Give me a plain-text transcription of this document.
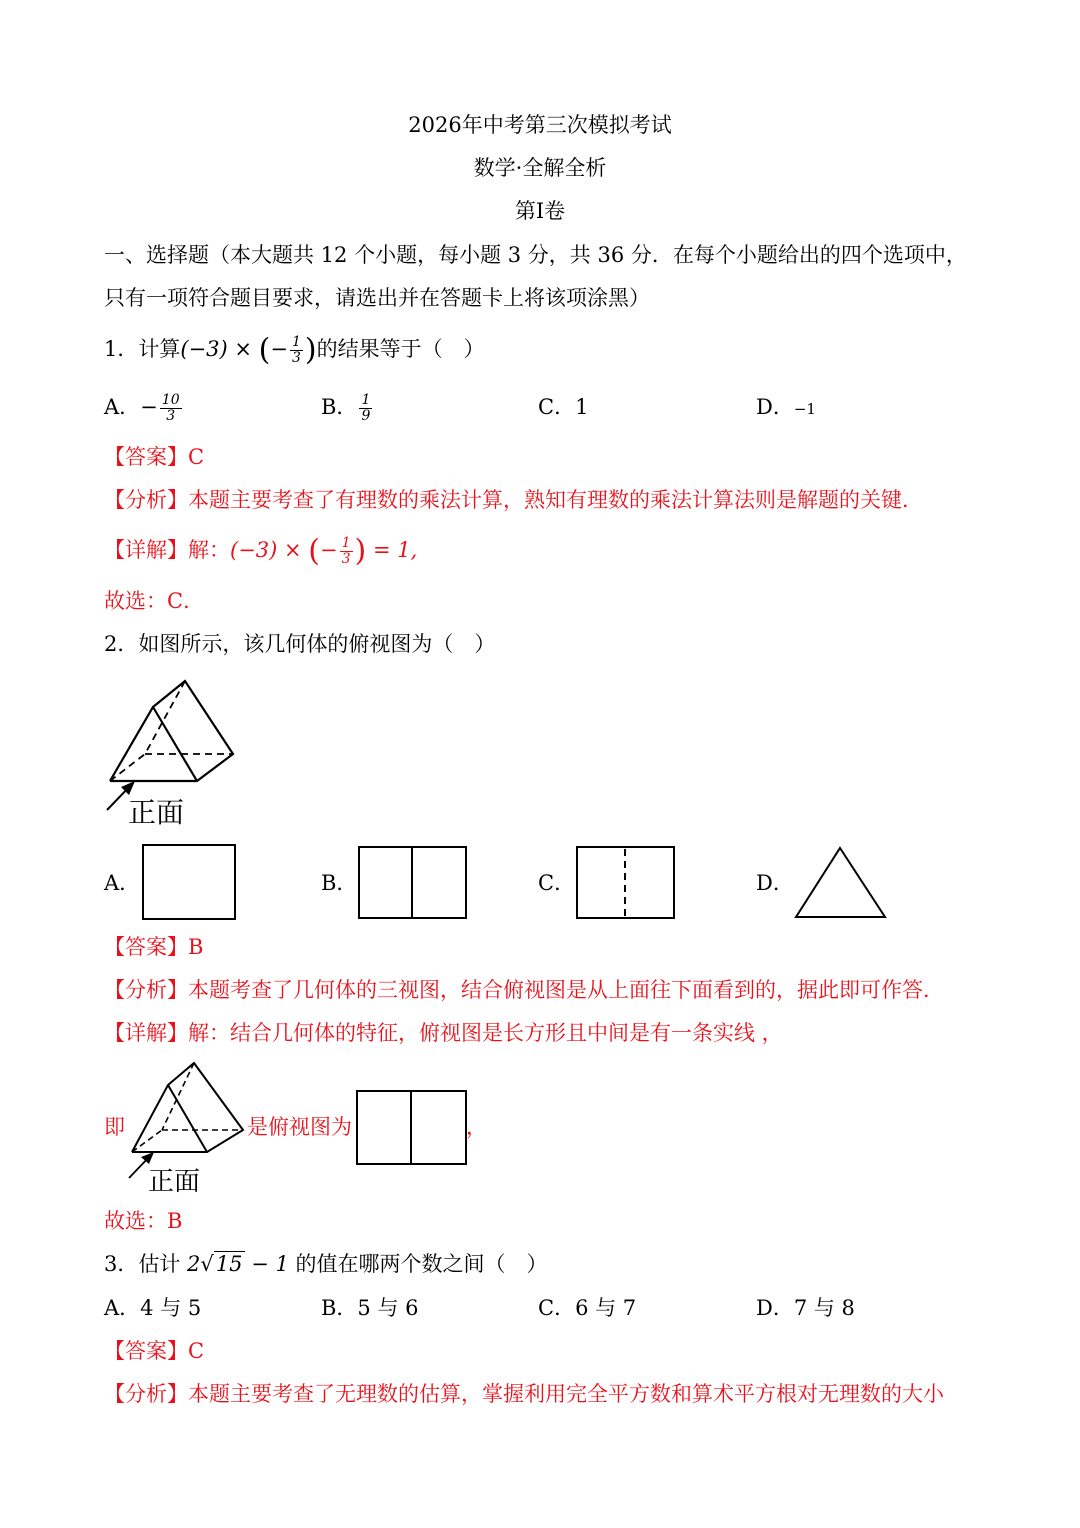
2026年中考第三次模拟考试
数学·全解全析
第Ⅰ卷
一、选择题（本大题共 12 个小题，每小题 3 分，共 36 分．在每个小题给出的四个选项中，
只有一项符合题目要求，请选出并在答题卡上将该项涂黑）
1．计算(−3) × (− $\frac{1}{3}$ )的结果等于（　）
A．− $\frac{10}{3}$	B． $\frac{1}{9}$	C．1	D．−1
【答案】C
【分析】本题主要考查了有理数的乘法计算，熟知有理数的乘法计算法则是解题的关键．
【详解】解：(−3) × (− $\frac{1}{3}$ ) = 1,
故选：C．
2．如图所示，该几何体的俯视图为（　）
正面
A．	B．	C．	D．
【答案】B
【分析】本题考查了几何体的三视图，结合俯视图是从上面往下面看到的，据此即可作答．
【详解】解：结合几何体的特征，俯视图是长方形且中间是有一条实线 ，
即
正面
是俯视图为	，
故选：B
3．估计 2√15 − 1 的值在哪两个数之间（　）
A．4 与 5	B．5 与 6	C．6 与 7	D．7 与 8
【答案】C
【分析】本题主要考查了无理数的估算，掌握利用完全平方数和算术平方根对无理数的大小
